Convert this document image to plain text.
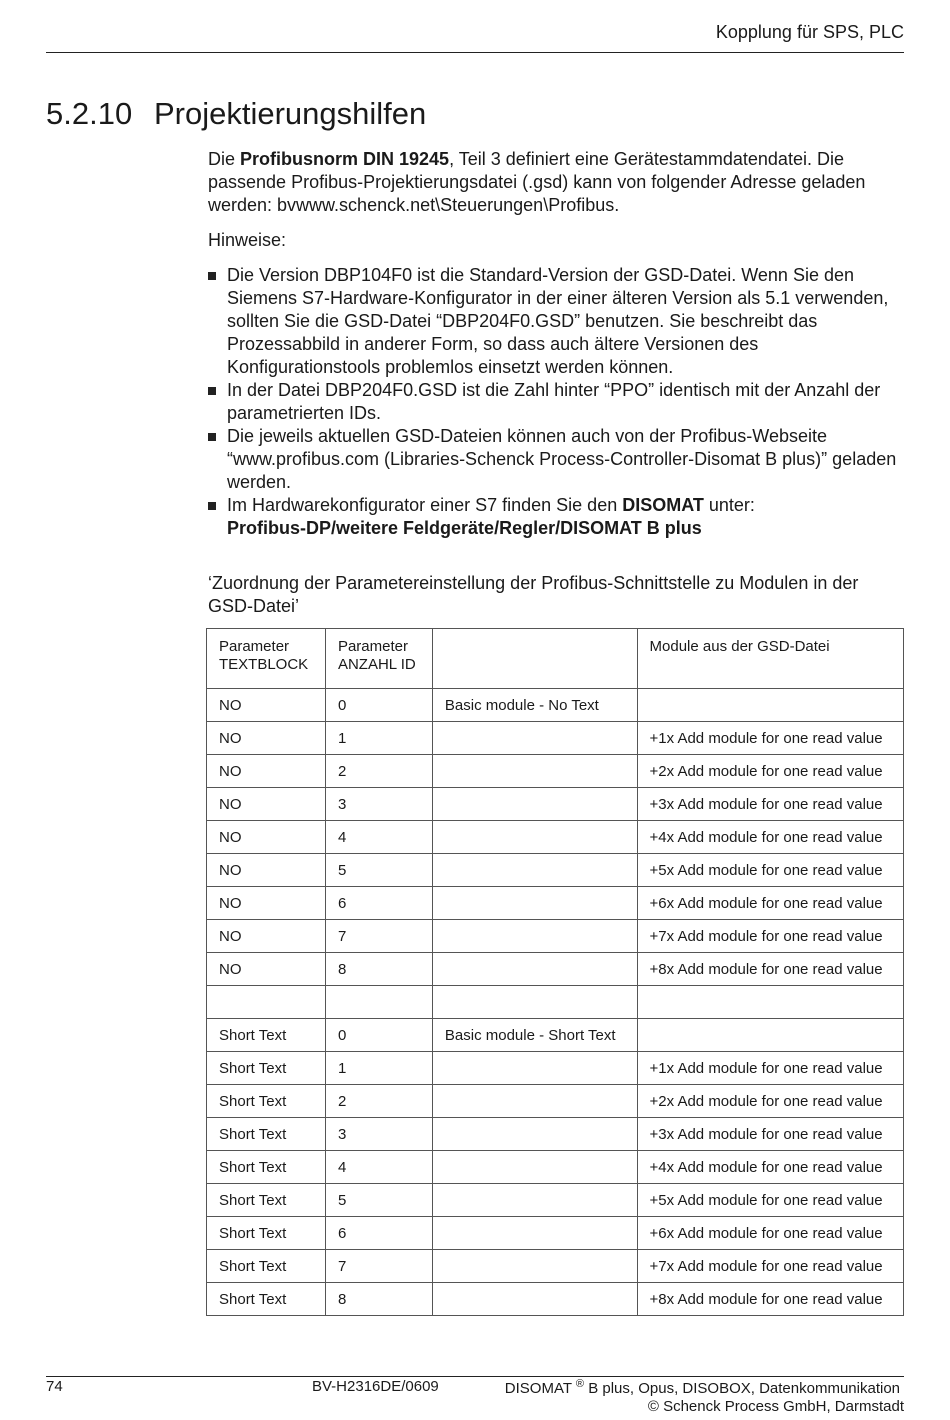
Kopplung für SPS, PLC
5.2.10 Projektierungshilfen

Die Profibusnorm DIN 19245, Teil 3 definiert eine Gerätestammdatendatei. Die passende Profibus-Projektierungsdatei (.gsd) kann von folgender Adresse geladen werden: bvwww.schenck.net\Steuerungen\Profibus.

Hinweise:

Die Version DBP104F0 ist die Standard-Version der GSD-Datei. Wenn Sie den Siemens S7-Hardware-Konfigurator in der einer älteren Version als 5.1 verwenden, sollten Sie die GSD-Datei “DBP204F0.GSD” benutzen. Sie beschreibt das Prozessabbild in anderer Form, so dass auch ältere Versionen des Konfigurationstools problemlos einsetzt werden können.
In der Datei DBP204F0.GSD ist die Zahl hinter “PPO” identisch mit der Anzahl der parametrierten IDs.
Die jeweils aktuellen GSD-Dateien können auch von der Profibus-Webseite “www.profibus.com (Libraries-Schenck Process-Controller-Disomat B plus)” geladen werden.
Im Hardwarekonfigurator einer S7 finden Sie den DISOMAT unter:
Profibus-DP/weitere Feldgeräte/Regler/DISOMAT B plus

‘Zuordnung der Parametereinstellung der Profibus-Schnittstelle zu Modulen in der GSD-Datei’

Parameter TEXTBLOCK	Parameter ANZAHL ID		Module aus der GSD-Datei
NO	0	Basic module - No Text	
NO	1		+1x Add module for one read value
NO	2		+2x Add module for one read value
NO	3		+3x Add module for one read value
NO	4		+4x Add module for one read value
NO	5		+5x Add module for one read value
NO	6		+6x Add module for one read value
NO	7		+7x Add module for one read value
NO	8		+8x Add module for one read value

Short Text	0	Basic module - Short Text	
Short Text	1		+1x Add module for one read value
Short Text	2		+2x Add module for one read value
Short Text	3		+3x Add module for one read value
Short Text	4		+4x Add module for one read value
Short Text	5		+5x Add module for one read value
Short Text	6		+6x Add module for one read value
Short Text	7		+7x Add module for one read value
Short Text	8		+8x Add module for one read value
74	BV-H2316DE/0609	DISOMAT ® B plus, Opus, DISOBOX, Datenkommunikation
© Schenck Process GmbH, Darmstadt
